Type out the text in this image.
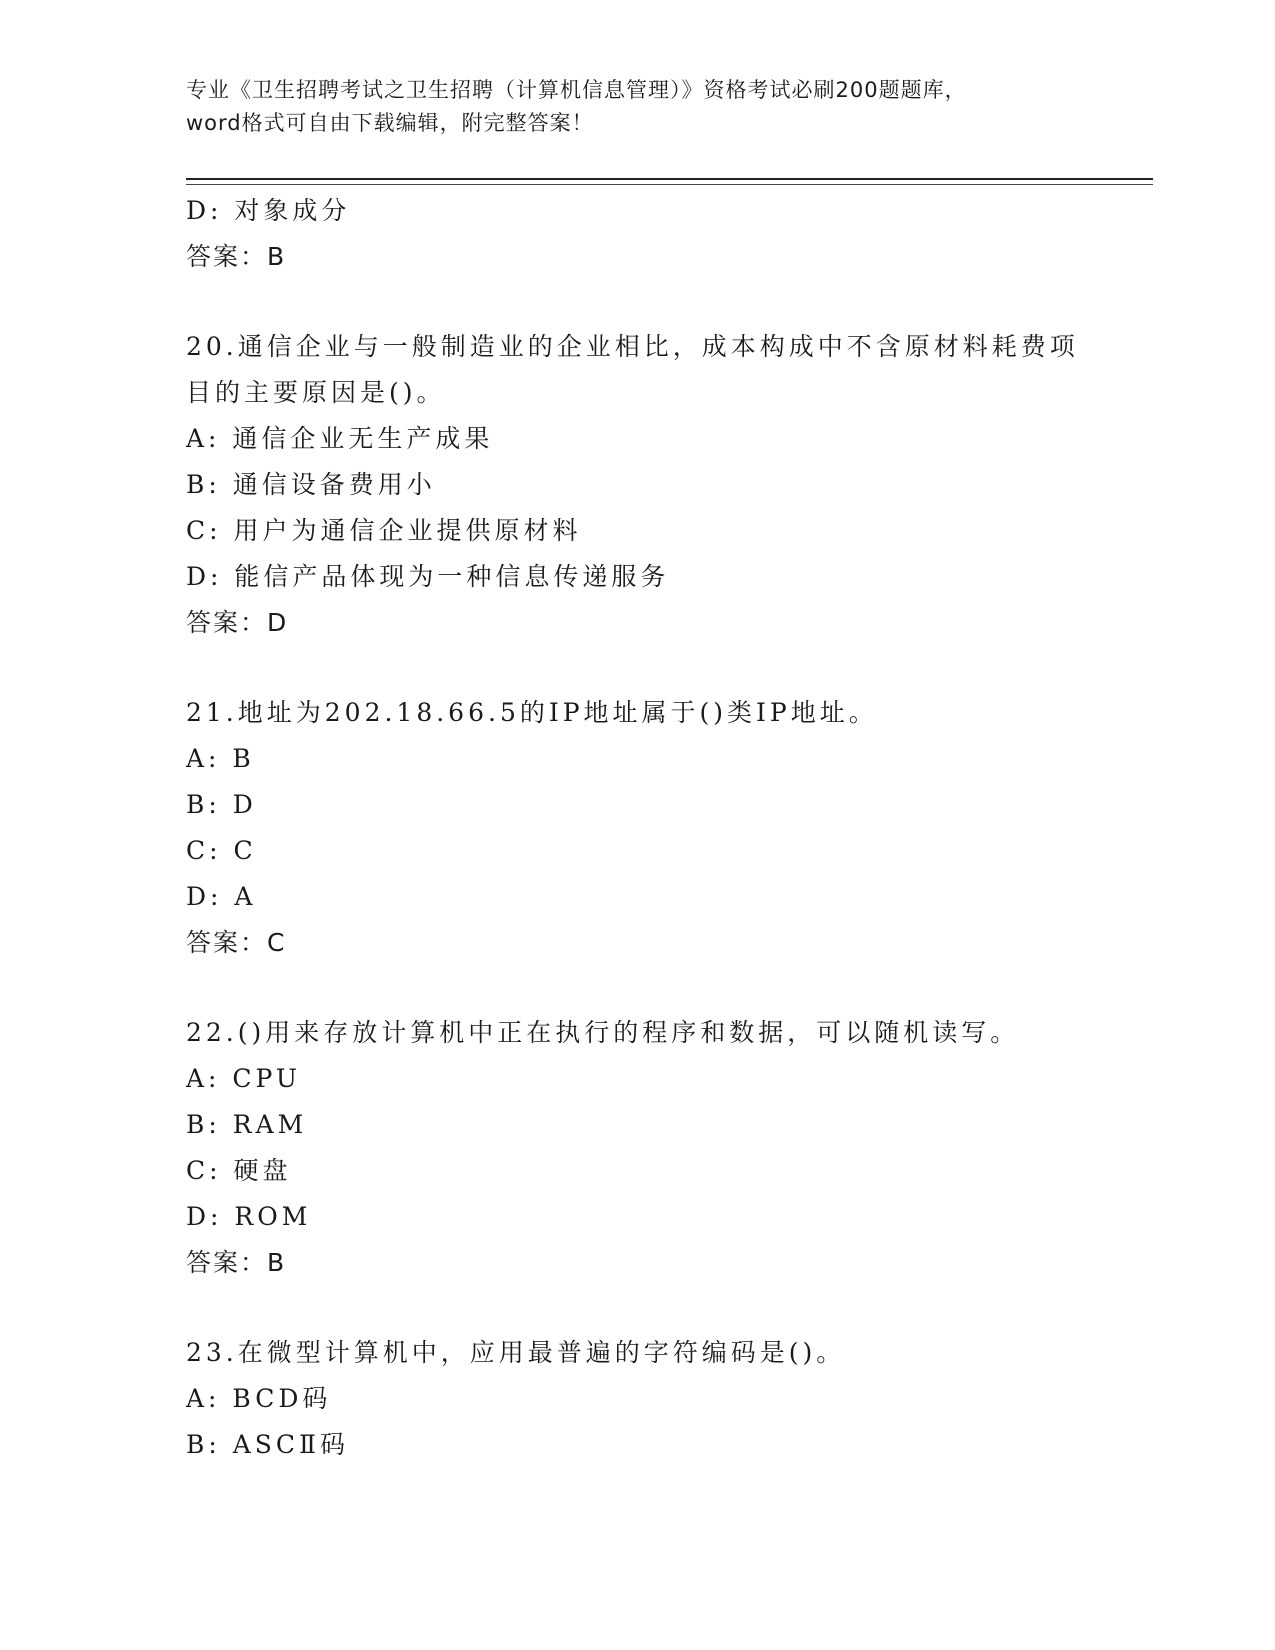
专业《卫生招聘考试之卫生招聘（计算机信息管理）》资格考试必刷200题题库，
word格式可自由下载编辑，附完整答案！
D: 对象成分
答案：B
20.通信企业与一般制造业的企业相比，成本构成中不含原材料耗费项
目的主要原因是()。
A: 通信企业无生产成果
B: 通信设备费用小
C: 用户为通信企业提供原材料
D: 能信产品体现为一种信息传递服务
答案：D
21.地址为202.18.66.5的IP地址属于()类IP地址。
A: B
B: D
C: C
D: A
答案：C
22.()用来存放计算机中正在执行的程序和数据，可以随机读写。
A: CPU
B: RAM
C: 硬盘
D: ROM
答案：B
23.在微型计算机中，应用最普遍的字符编码是()。
A: BCD码
B: ASCⅡ码
